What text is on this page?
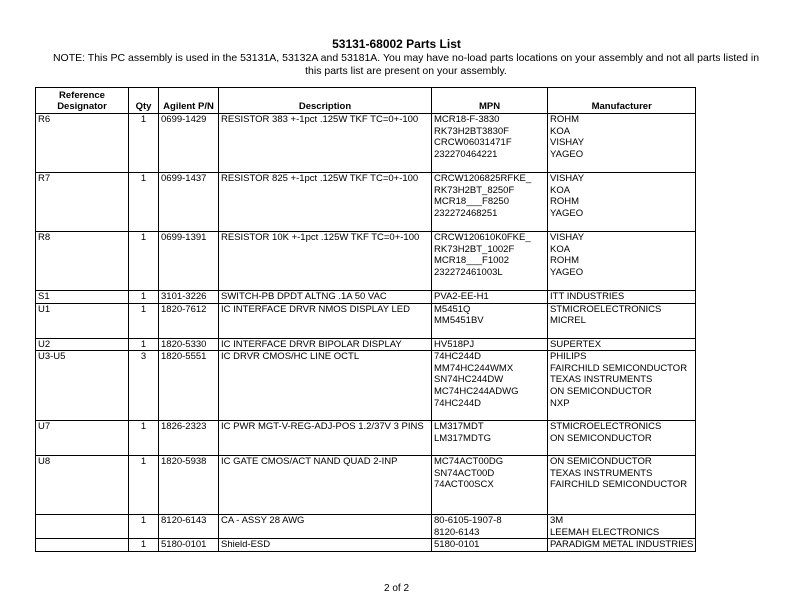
53131-68002 Parts List
NOTE: This PC assembly is used in the 53131A, 53132A and 53181A. You may have no-load parts locations on your assembly and not all parts listed in this parts list are present on your assembly.
Reference Designator	Qty	Agilent P/N	Description	MPN	Manufacturer
R6	1	0699-1429	RESISTOR 383 +-1pct .125W TKF TC=0+-100	MCR18-F-3830
RK73H2BT3830F
CRCW06031471F
232270464221	ROHM
KOA
VISHAY
YAGEO

R7	1	0699-1437	RESISTOR 825 +-1pct .125W TKF TC=0+-100	CRCW1206825RFKE_
RK73H2BT_8250F
MCR18___F8250
232272468251	VISHAY
KOA
ROHM
YAGEO

R8	1	0699-1391	RESISTOR 10K +-1pct .125W TKF TC=0+-100	CRCW120610K0FKE_
RK73H2BT_1002F
MCR18___F1002
232272461003L	VISHAY
KOA
ROHM
YAGEO

S1	1	3101-3226	SWITCH-PB DPDT ALTNG .1A 50 VAC	PVA2-EE-H1	ITT INDUSTRIES

U1	1	1820-7612	IC INTERFACE DRVR NMOS DISPLAY LED	M5451Q
MM5451BV	STMICROELECTRONICS
MICREL

U2	1	1820-5330	IC INTERFACE DRVR BIPOLAR DISPLAY	HV518PJ	SUPERTEX

U3-U5	3	1820-5551	IC DRVR CMOS/HC LINE OCTL	74HC244D
MM74HC244WMX
SN74HC244DW
MC74HC244ADWG
74HC244D	PHILIPS
FAIRCHILD SEMICONDUCTOR
TEXAS INSTRUMENTS
ON SEMICONDUCTOR
NXP

U7	1	1826-2323	IC PWR MGT-V-REG-ADJ-POS 1.2/37V 3 PINS	LM317MDT
LM317MDTG	STMICROELECTRONICS
ON SEMICONDUCTOR

U8	1	1820-5938	IC GATE CMOS/ACT NAND QUAD 2-INP	MC74ACT00DG
SN74ACT00D
74ACT00SCX	ON SEMICONDUCTOR
TEXAS INSTRUMENTS
FAIRCHILD SEMICONDUCTOR

	1	8120-6143	CA - ASSY 28 AWG	80-6105-1907-8
8120-6143	3M
LEEMAH ELECTRONICS

	1	5180-0101	Shield-ESD	5180-0101	PARADIGM METAL INDUSTRIES
2 of 2
